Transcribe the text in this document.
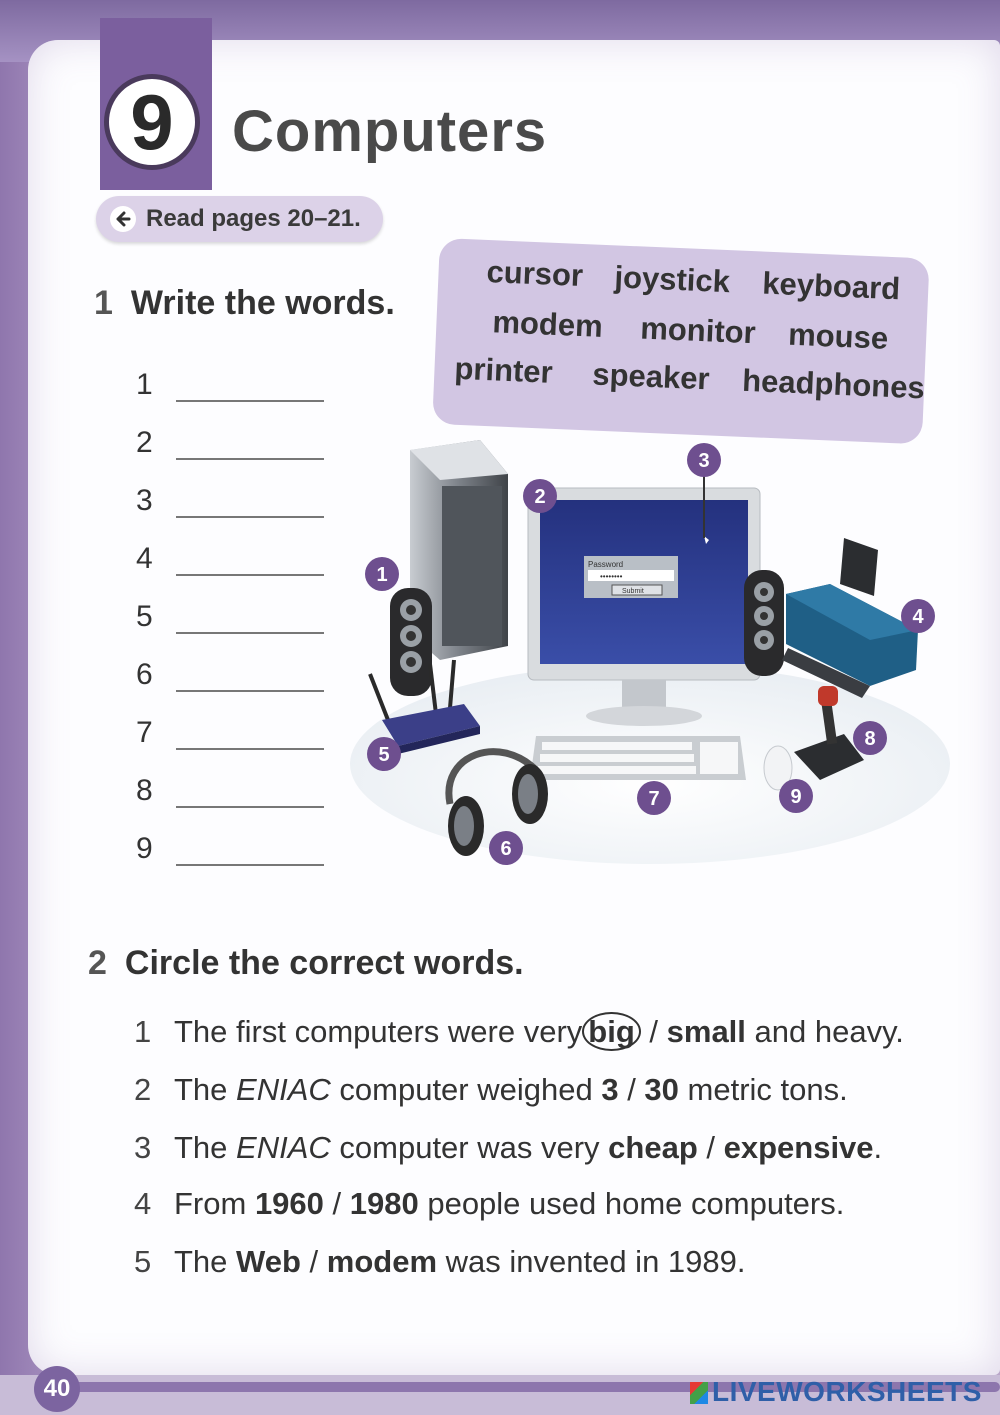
9	Computers
Read pages 20–21.
1 Write the words.
cursor joystick keyboard
modem monitor mouse
printer speaker headphones
1
2
3
4
5
6
7
8
9
Password
••••••••
Submit
1
2
3
4
5
6
7
8
9
2 Circle the correct words.
1 The first computers were very big / small and heavy.
2 The ENIAC computer weighed 3 / 30 metric tons.
3 The ENIAC computer was very cheap / expensive.
4 From 1960 / 1980 people used home computers.
5 The Web / modem was invented in 1989.
40	LIVEWORKSHEETS
